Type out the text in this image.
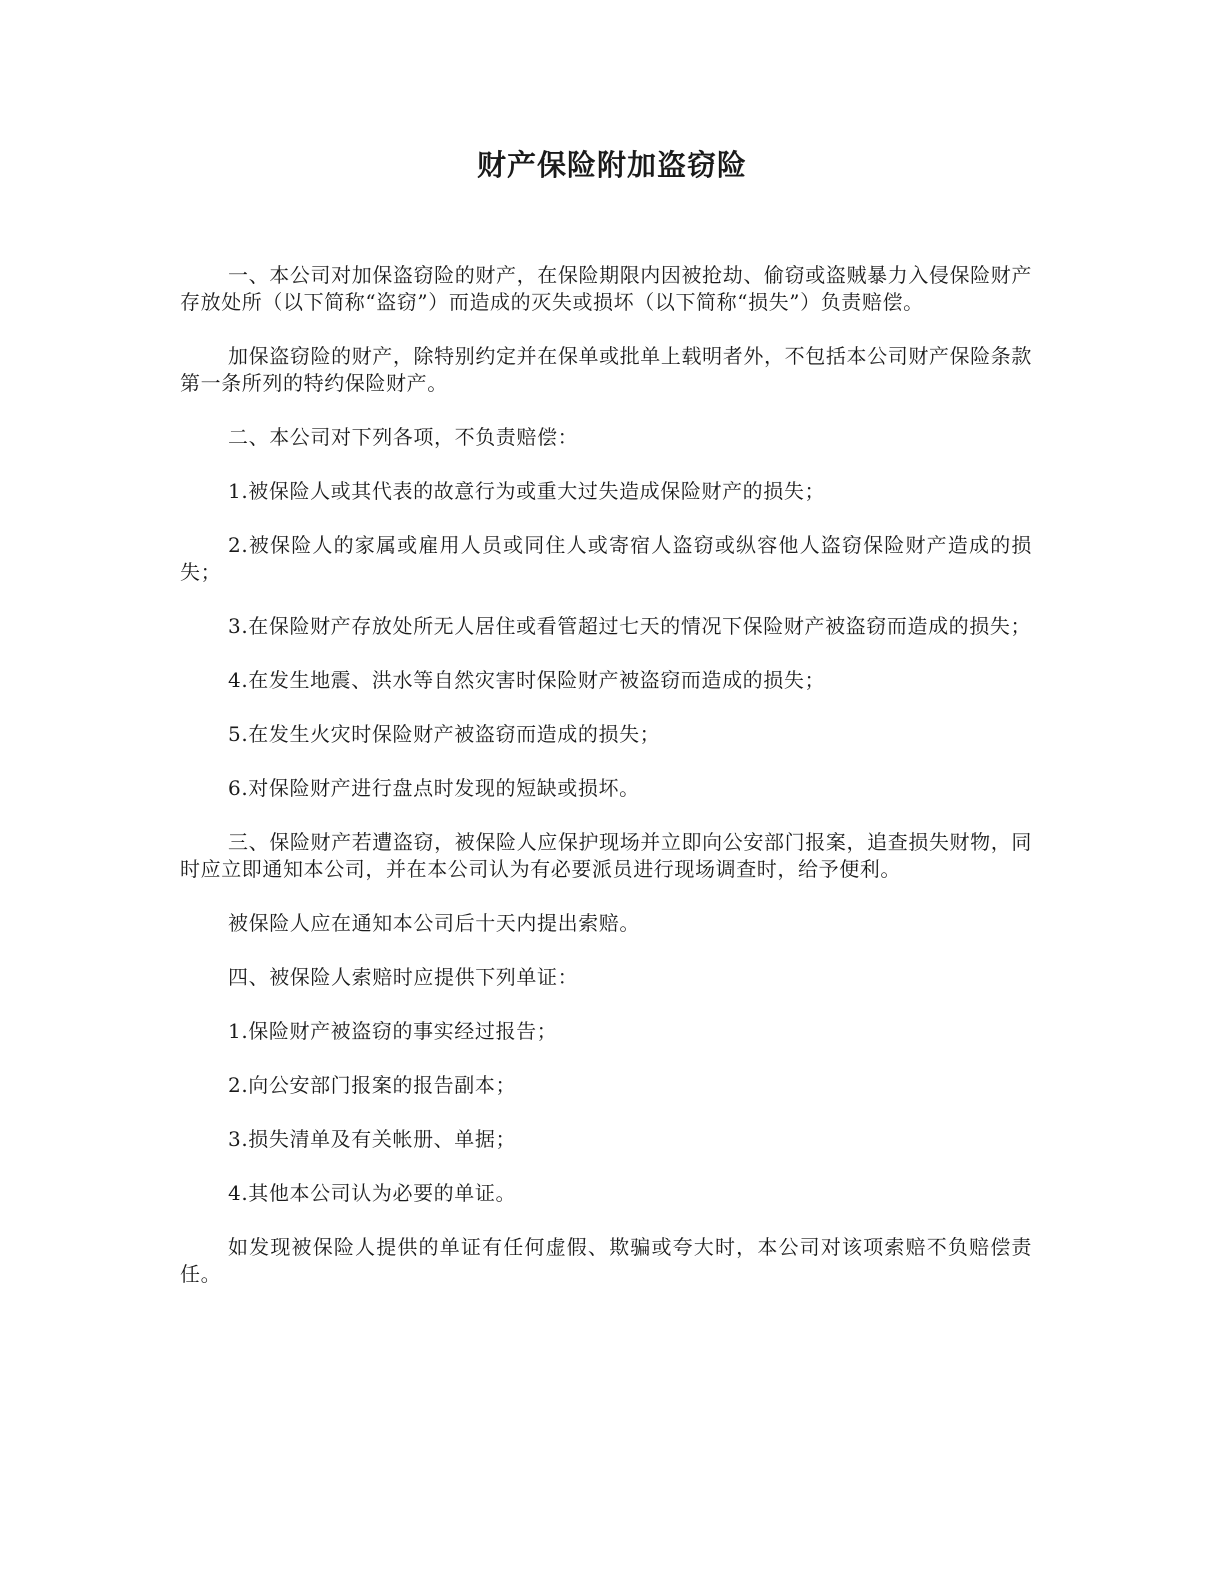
财产保险附加盗窃险

一、本公司对加保盗窃险的财产，在保险期限内因被抢劫、偷窃或盗贼暴力入侵保险财产存放处所（以下简称“盗窃”）而造成的灭失或损坏（以下简称“损失”）负责赔偿。

加保盗窃险的财产，除特别约定并在保单或批单上载明者外，不包括本公司财产保险条款第一条所列的特约保险财产。

二、本公司对下列各项，不负责赔偿：

1.被保险人或其代表的故意行为或重大过失造成保险财产的损失；

2.被保险人的家属或雇用人员或同住人或寄宿人盗窃或纵容他人盗窃保险财产造成的损失；

3.在保险财产存放处所无人居住或看管超过七天的情况下保险财产被盗窃而造成的损失；

4.在发生地震、洪水等自然灾害时保险财产被盗窃而造成的损失；

5.在发生火灾时保险财产被盗窃而造成的损失；

6.对保险财产进行盘点时发现的短缺或损坏。

三、保险财产若遭盗窃，被保险人应保护现场并立即向公安部门报案，追查损失财物，同时应立即通知本公司，并在本公司认为有必要派员进行现场调查时，给予便利。

被保险人应在通知本公司后十天内提出索赔。

四、被保险人索赔时应提供下列单证：

1.保险财产被盗窃的事实经过报告；

2.向公安部门报案的报告副本；

3.损失清单及有关帐册、单据；

4.其他本公司认为必要的单证。

如发现被保险人提供的单证有任何虚假、欺骗或夸大时，本公司对该项索赔不负赔偿责任。
